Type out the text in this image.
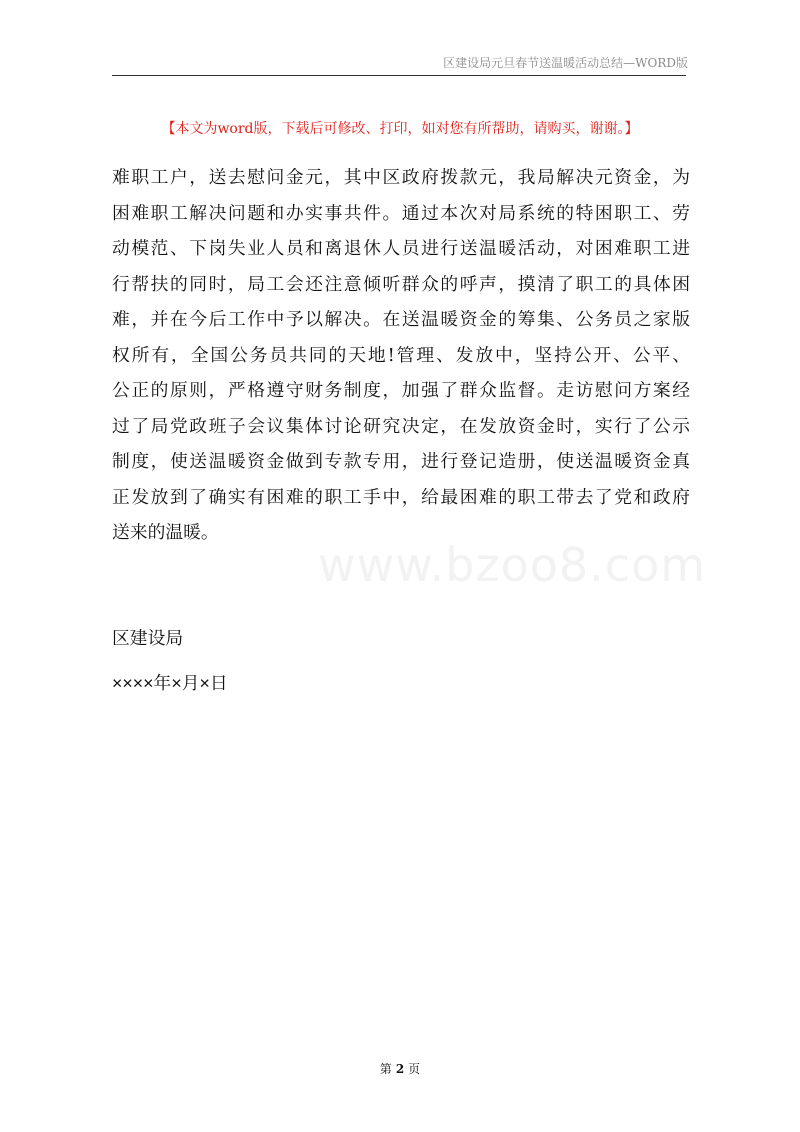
区建设局元旦春节送温暖活动总结—WORD版
【本文为word版，下载后可修改、打印，如对您有所帮助，请购买，谢谢。】
www.bzoo8.com
难职工户，送去慰问金元，其中区政府拨款元，我局解决元资金，为
困难职工解决问题和办实事共件。通过本次对局系统的特困职工、劳
动模范、下岗失业人员和离退休人员进行送温暖活动，对困难职工进
行帮扶的同时，局工会还注意倾听群众的呼声，摸清了职工的具体困
难，并在今后工作中予以解决。在送温暖资金的筹集、公务员之家版
权所有，全国公务员共同的天地!管理、发放中，坚持公开、公平、
公正的原则，严格遵守财务制度，加强了群众监督。走访慰问方案经
过了局党政班子会议集体讨论研究决定，在发放资金时，实行了公示
制度，使送温暖资金做到专款专用，进行登记造册，使送温暖资金真
正发放到了确实有困难的职工手中，给最困难的职工带去了党和政府
送来的温暖。
区建设局
××××年×月×日
第 2 页
